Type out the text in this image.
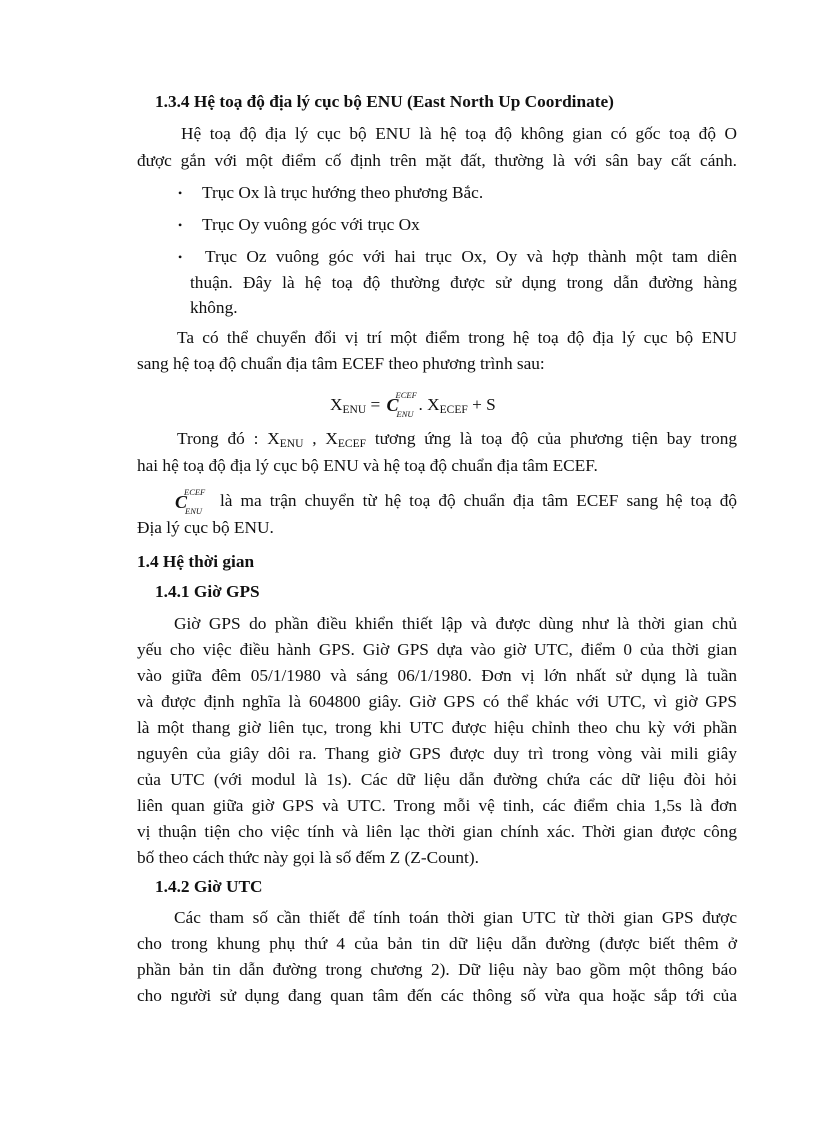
1.3.4 Hệ toạ độ địa lý cục bộ ENU (East North Up Coordinate)
Hệ toạ độ địa lý cục bộ ENU là hệ toạ độ không gian có gốc toạ độ O
được gắn với một điểm cố định trên mặt đất, thường là với sân bay cất cánh.
• Trục Ox là trục hướng theo phương Bắc.
• Trục Oy vuông góc với trục Ox
• Trục Oz vuông góc với hai trục Ox, Oy và hợp thành một tam diên
thuận. Đây là hệ toạ độ thường được sử dụng trong dẫn đường hàng
không.
Ta có thể chuyển đổi vị trí một điểm trong hệ toạ độ địa lý cục bộ ENU
sang hệ toạ độ chuẩn địa tâm ECEF theo phương trình sau:
XENU = C
ECEF
ENU . XECEF + S
Trong đó : XENU , XECEF tương ứng là toạ độ của phương tiện bay trong
hai hệ toạ độ địa lý cục bộ ENU và hệ toạ độ chuẩn địa tâm ECEF.
C
ECEF
ENU
là ma trận chuyển từ hệ toạ độ chuẩn địa tâm ECEF sang hệ toạ độ
Địa lý cục bộ ENU.
1.4 Hệ thời gian
1.4.1 Giờ GPS
Giờ GPS do phần điều khiển thiết lập và được dùng như là thời gian chủ
yếu cho việc điều hành GPS. Giờ GPS dựa vào giờ UTC, điểm 0 của thời gian
vào giữa đêm 05/1/1980 và sáng 06/1/1980. Đơn vị lớn nhất sử dụng là tuần
và được định nghĩa là 604800 giây. Giờ GPS có thể khác với UTC, vì giờ GPS
là một thang giờ liên tục, trong khi UTC được hiệu chỉnh theo chu kỳ với phần
nguyên của giây dôi ra. Thang giờ GPS được duy trì trong vòng vài mili giây
của UTC (với modul là 1s). Các dữ liệu dẫn đường chứa các dữ liệu đòi hỏi
liên quan giữa giờ GPS và UTC. Trong mỗi vệ tinh, các điểm chia 1,5s là đơn
vị thuận tiện cho việc tính và liên lạc thời gian chính xác. Thời gian được công
bố theo cách thức này gọi là số đếm Z (Z-Count).
1.4.2 Giờ UTC
Các tham số cần thiết để tính toán thời gian UTC từ thời gian GPS được
cho trong khung phụ thứ 4 của bản tin dữ liệu dẫn đường (được biết thêm ở
phần bản tin dẫn đường trong chương 2). Dữ liệu này bao gồm một thông báo
cho người sử dụng đang quan tâm đến các thông số vừa qua hoặc sắp tới của
